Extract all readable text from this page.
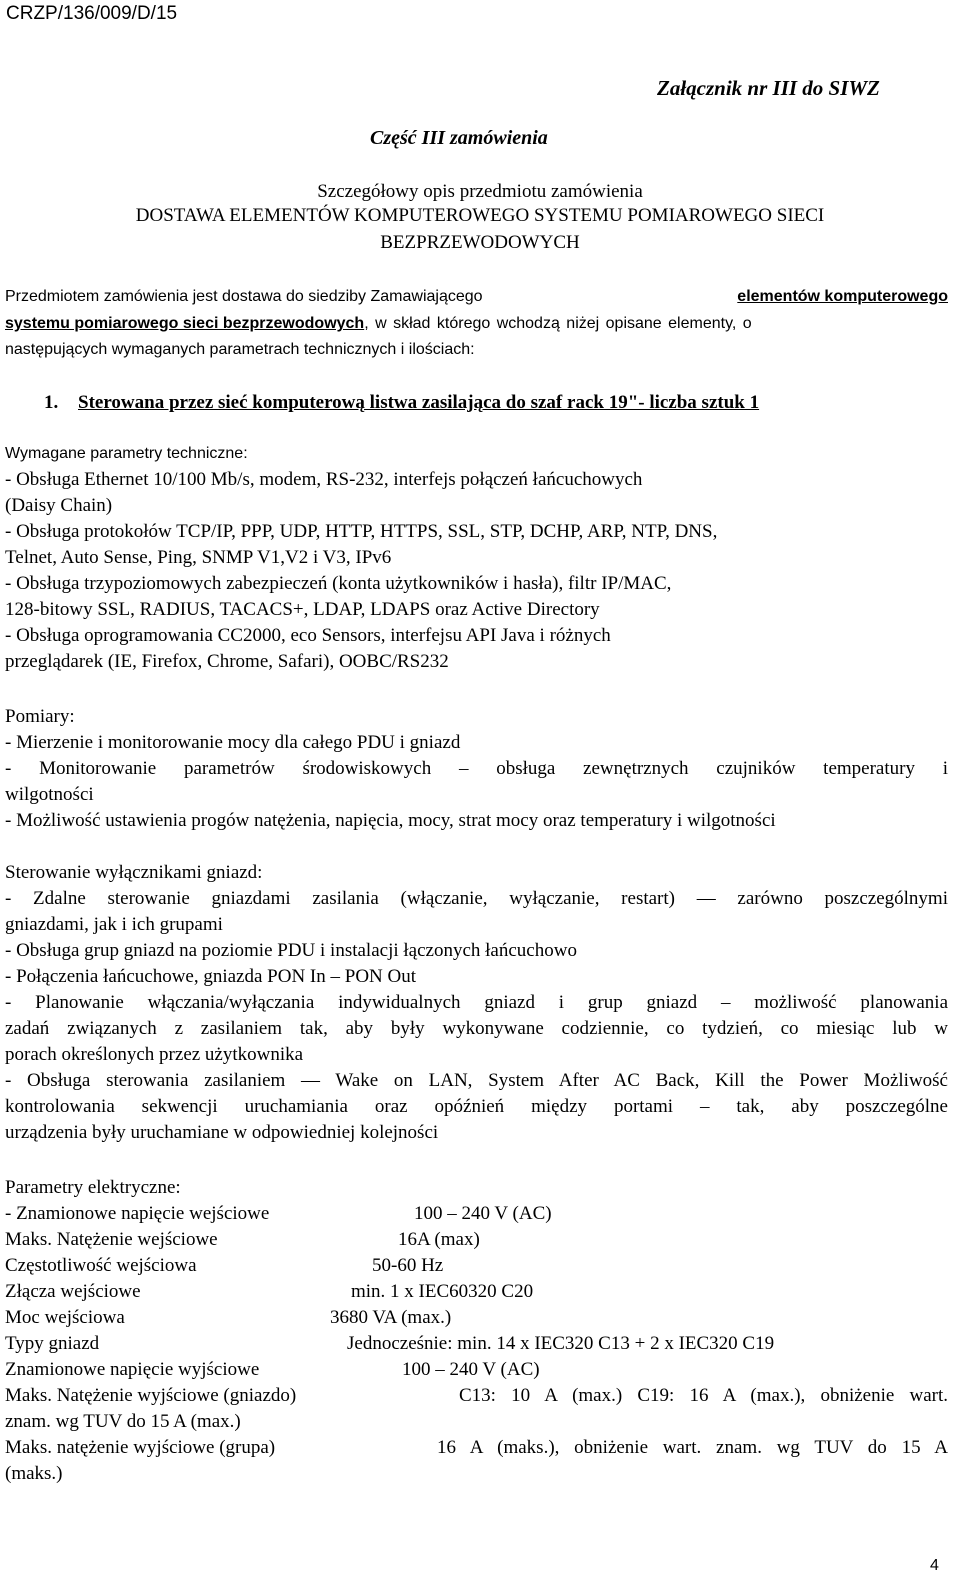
CRZP/136/009/D/15
Załącznik nr III do SIWZ
Część III zamówienia
Szczegółowy opis przedmiotu zamówienia
DOSTAWA ELEMENTÓW KOMPUTEROWEGO SYSTEMU POMIAROWEGO SIECI
BEZPRZEWODOWYCH
Przedmiotem zamówienia jest dostawa do siedziby Zamawiającego	elementów komputerowego
systemu pomiarowego sieci bezprzewodowych , w skład którego wchodzą niżej opisane elementy, o
następujących wymaganych parametrach technicznych i ilościach:
1. Sterowana przez sieć komputerową listwa zasilająca do szaf rack 19"- liczba sztuk 1
Wymagane parametry techniczne:
- Obsługa Ethernet 10/100 Mb/s, modem, RS-232, interfejs połączeń łańcuchowych
(Daisy Chain)
- Obsługa protokołów TCP/IP, PPP, UDP, HTTP, HTTPS, SSL, STP, DCHP, ARP, NTP, DNS,
Telnet, Auto Sense, Ping, SNMP V1,V2 i V3, IPv6
- Obsługa trzypoziomowych zabezpieczeń (konta użytkowników i hasła), filtr IP/MAC,
128-bitowy SSL, RADIUS, TACACS+, LDAP, LDAPS oraz Active Directory
- Obsługa oprogramowania CC2000, eco Sensors, interfejsu API Java i różnych
przeglądarek (IE, Firefox, Chrome, Safari), OOBC/RS232
Pomiary:
- Mierzenie i monitorowanie mocy dla całego PDU i gniazd
- Monitorowanie parametrów środowiskowych – obsługa zewnętrznych czujników temperatury i
wilgotności
- Możliwość ustawienia progów natężenia, napięcia, mocy, strat mocy oraz temperatury i wilgotności
Sterowanie wyłącznikami gniazd:
- Zdalne sterowanie gniazdami zasilania (włączanie, wyłączanie, restart) — zarówno poszczególnymi
gniazdami, jak i ich grupami
- Obsługa grup gniazd na poziomie PDU i instalacji łączonych łańcuchowo
- Połączenia łańcuchowe, gniazda PON In – PON Out
- Planowanie włączania/wyłączania indywidualnych gniazd i grup gniazd – możliwość planowania
zadań związanych z zasilaniem tak, aby były wykonywane codziennie, co tydzień, co miesiąc lub w
porach określonych przez użytkownika
- Obsługa sterowania zasilaniem — Wake on LAN, System After AC Back, Kill the Power Możliwość
kontrolowania sekwencji uruchamiania oraz opóźnień między portami – tak, aby poszczególne
urządzenia były uruchamiane w odpowiedniej kolejności
Parametry elektryczne:
- Znamionowe napięcie wejściowe	100 – 240 V (AC)
Maks. Natężenie wejściowe	16A (max)
Częstotliwość wejściowa	50-60 Hz
Złącza wejściowe	min. 1 x IEC60320 C20
Moc wejściowa	3680 VA (max.)
Typy gniazd	Jednocześnie: min. 14 x IEC320 C13 + 2 x IEC320 C19
Znamionowe napięcie wyjściowe	100 – 240 V (AC)
Maks. Natężenie wyjściowe (gniazdo)	C13: 10 A (max.) C19: 16 A (max.), obniżenie wart.
znam. wg TUV do 15 A (max.)
Maks. natężenie wyjściowe (grupa)	16 A (maks.), obniżenie wart. znam. wg TUV do 15 A
(maks.)
4
